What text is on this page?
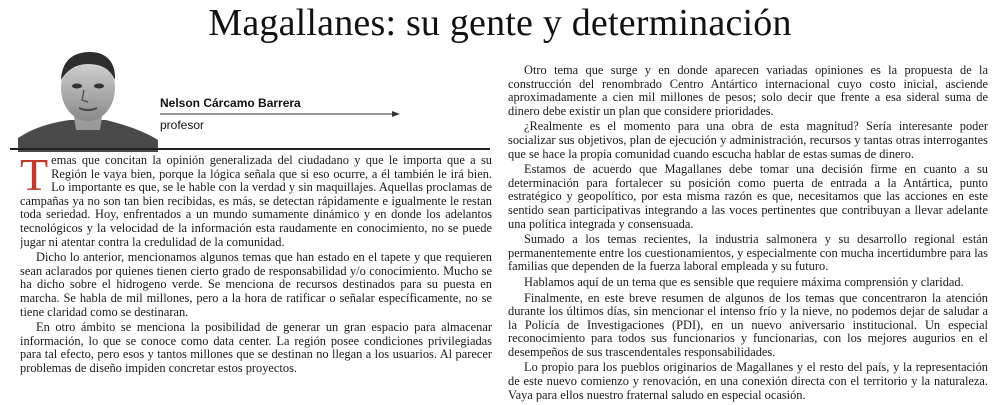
Magallanes: su gente y determinación
Nelson Cárcamo Barrera
profesor

Temas que concitan la opinión generalizada del ciudadano y que le importa que a su Región le vaya bien, porque la lógica señala que si eso ocurre, a él también le irá bien. Lo importante es que, se le hable con la verdad y sin maquillajes. Aquellas proclamas de campañas ya no son tan bien recibidas, es más, se detectan rápidamente e igualmente le restan toda seriedad. Hoy, enfrentados a un mundo sumamente dinámico y en donde los adelantos tecnológicos y la velocidad de la información esta raudamente en conocimiento, no se puede jugar ni atentar contra la credulidad de la comunidad.

Dicho lo anterior, mencionamos algunos temas que han estado en el tapete y que requieren sean aclarados por quienes tienen cierto grado de responsabilidad y/o conocimiento. Mucho se ha dicho sobre el hidrogeno verde. Se menciona de recursos destinados para su puesta en marcha. Se habla de mil millones, pero a la hora de ratificar o señalar específicamente, no se tiene claridad como se destinaran.

En otro ámbito se menciona la posibilidad de generar un gran espacio para almacenar información, lo que se conoce como data center. La región posee condiciones privilegiadas para tal efecto, pero esos y tantos millones que se destinan no llegan a los usuarios. Al parecer problemas de diseño impiden concretar estos proyectos.

Otro tema que surge y en donde aparecen variadas opiniones es la propuesta de la construcción del renombrado Centro Antártico internacional cuyo costo inicial, asciende aproximadamente a cien mil millones de pesos; solo decir que frente a esa sideral suma de dinero debe existir un plan que considere prioridades.

¿Realmente es el momento para una obra de esta magnitud? Sería interesante poder socializar sus objetivos, plan de ejecución y administración, recursos y tantas otras interrogantes que se hace la propia comunidad cuando escucha hablar de estas sumas de dinero.

Estamos de acuerdo que Magallanes debe tomar una decisión firme en cuanto a su determinación para fortalecer su posición como puerta de entrada a la Antártica, punto estratégico y geopolítico, por esta misma razón es que, necesitamos que las acciones en este sentido sean participativas integrando a las voces pertinentes que contribuyan a llevar adelante una política integrada y consensuada.

Sumado a los temas recientes, la industria salmonera y su desarrollo regional están permanentemente entre los cuestionamientos, y especialmente con mucha incertidumbre para las familias que dependen de la fuerza laboral empleada y su futuro.

Hablamos aquí de un tema que es sensible que requiere máxima comprensión y claridad.

Finalmente, en este breve resumen de algunos de los temas que concentraron la atención durante los últimos días, sin mencionar el intenso frío y la nieve, no podemos dejar de saludar a la Policía de Investigaciones (PDI), en un nuevo aniversario institucional. Un especial reconocimiento para todos sus funcionarios y funcionarias, con los mejores augurios en el desempeños de sus trascendentales responsabilidades.

Lo propio para los pueblos originarios de Magallanes y el resto del país, y la representación de este nuevo comienzo y renovación, en una conexión directa con el territorio y la naturaleza. Vaya para ellos nuestro fraternal saludo en especial ocasión.
